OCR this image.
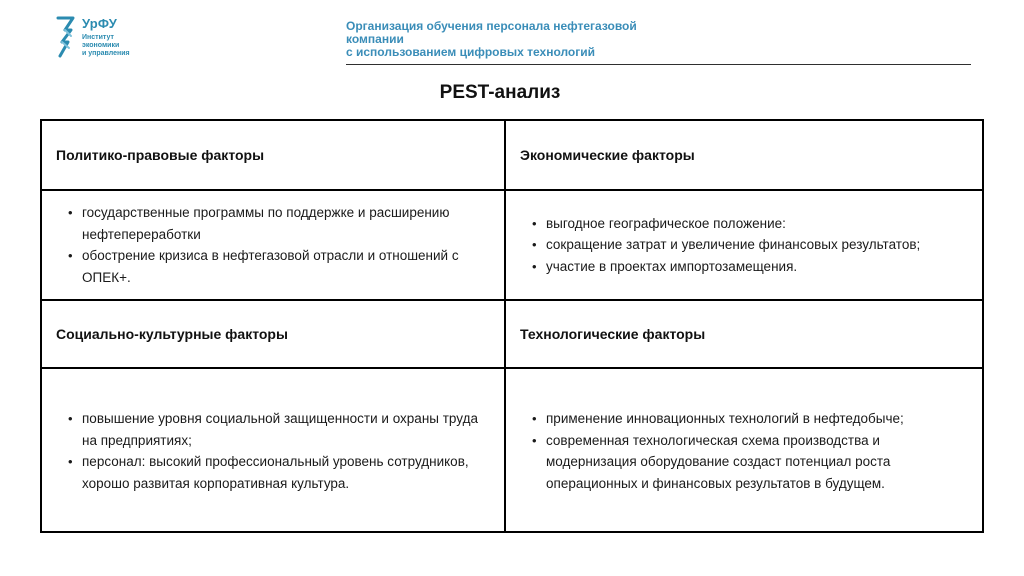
УрФУ
Институт
экономики
и управления
Организация обучения персонала нефтегазовой
компании
с использованием цифровых технологий
PEST-анализ
Политико-правовые факторы	Экономические факторы
• государственные программы по поддержке и расширению нефтепереработки
• обострение кризиса в нефтегазовой отрасли и отношений с ОПЕК+.
• выгодное географическое положение:
• сокращение затрат и увеличение финансовых результатов;
• участие в проектах импортозамещения.
Социально-культурные факторы	Технологические факторы
• повышение уровня социальной защищенности и охраны труда на предприятиях;
• персонал: высокий профессиональный уровень сотрудников, хорошо развитая корпоративная культура.
• применение инновационных технологий в нефтедобыче;
• современная технологическая схема производства и модернизация оборудование создаст потенциал роста операционных и финансовых результатов в будущем.
